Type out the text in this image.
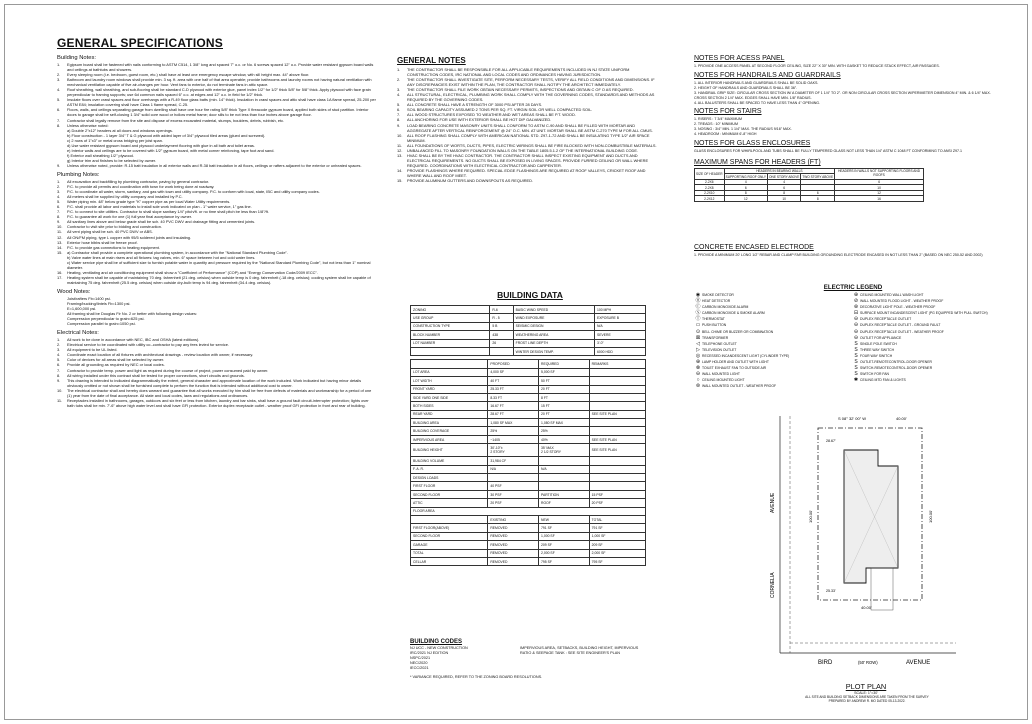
GENERAL SPECIFICATIONS
Building Notes:
1.	Egipsum board shall be fastened with nails conforming to ASTM C514, 1 3/8" long and spaced 7" o.c. or No. 6 screws spaced 12" o.c. Provide water resistant gypsum board walls and ceilings at bathtubs and showers.
2.	Every sleeping room (i.e. bedroom, guest room, etc.) shall have at least one emergency escape window, with sill height max. 44" above floor.
3.	Bathroom and laundry room windows shall provide min. 3 sq. ft. area with one half of that area operable; provide bathrooms and laundry rooms not having natural ventilation with mechanical ventilation capable of five air-changes per hour. Vent fans to exterior, do not terminate fans in attic space.
4.	Roof sheathing, wall sheathing, and sub-flooring shall be standard C-D plywood with exterior glue, panel index 1/2" for 1/2" thick 5/8" for 5/8" thick. Apply plywood with face grain perpendicular to framing supports; use 6d common nails spaced 6" o.c. at edges and 12" o.c. in field for 1/2" thick.
5.	Insulate floors over crawl spaces and floor overhangs with a R-49 floor glass batts (min. 14" thick). Insulation in crawl spaces and attic shall have class 1A flame spread, 25-200 per ASTM E84; insulation covering shall have Class 1 flame spread, C-25.
6.	Floors, walls, and ceilings separating garage from dwelling shall have one hour fire rating 5/8" thick Type X fireacode gypsum board, applied both sides of stud partition. Interior doors to garage shall be self-closing 1 3/4" solid core wood or hollow metal frame; door sills to be not less than four inches above garage floor.
7.	Contractor shall legally remove from the site and dispose of excess excavated material, stumps, boulders, debris, rubbish, etc.
8.	Unless otherwise noted:
a) Double 2"x12" headers at all doors and windows openings.
b) Floor construction - 1 layer 3/4" T & G plywood with added layer of 3/4" plywood tiled areas (glued and screwed).
c) 2 rows of 1"x3" or metal cross bridging per joist span.
d) Use water resistant gypsum board and plywood underlayment flooring with glue in all bath and toilet areas.
e) Interior walls and ceilings are to be covered with 1/2" gypsum board, with metal corner reinforcing, tape foot and sand.
f) Exterior wall sheathing 1/2" plywood.
g) Interior trim and finishes to be selected by owner.
9.	Unless otherwise noted, provide: R-15 batt insulation in all exterior walls and R-38 batt insulation in all floors, ceilings or rafters adjacent to the exterior or unheated spaces.
Plumbing Notes:
1.	All excavation and backfilling by plumbing contractor, paving by general contractor.
2.	P.C. to provide all permits and coordination with town for work being done at roadway.
3.	P.C. to coordinate all water, storm, sanitary, and gas with town and utility company. P.C. to conform with local, state, IBC and utility company codes.
4.	All meters shall be supplied by utility company and installed by P.C.
5.	Water piping min. 48" below grade type "K" copper pipe as per local Water Utility requirements.
6.	P.C. shall provide all labor and materials to install sole work indicated on plan - 1" water service, 1" gas line.
7.	P.C. to connect to site utilities. Contractor to shall slope sanitary 1/4" pitch/ft. or no time shall pitch be less than 1/8"/ft.
8.	P.C. to guarantee all work for one (1) full year final acceptance by owner.
9.	All sanitary lines above and below grade shall be sch. 40 PVC DWV and drainage fitting and cemented joints.
10.	Contractor to visit site prior to bidding and construction.
11.	All vent piping shall be sch. 40 PVC DWV or ABS.
12.	All ON/FM piping, type L copper with 95/5 soldered joints and insulating.
13.	Exterior hose bibbs shall be freeze proof.
14.	P.C. to provide gas connections to heating equipment.
15.	a) Contractor shall provide a complete operational plumbing system, in accordance with the "National Standard Plumbing Code".
b) Valve water lines at main risers and all fixtures: tag valves, min. 6" space between hot and cold water lines.
c) Water service pipe shall be of sufficient size to furnish potable water in quantity and pressure required by the "National Standard Plumbing Code", but not less than 1" nominal diameter.
16.	Heating, ventilating and air conditioning equipment shall show a "Coefficient of Performance" (COP) and "Energy Conservation Code/2009 IECC".
17.	Heating system shall be capable of maintaining 70 deg. fahrenheit (21 deg. celsius) when outside temp is 0 deg. fahrenheit (-18 deg. celsius); cooling system shall be capable of maintaining 75 deg. fahrenheit (25.5 deg. celsius) when outside dry-bulb temp is 94 deg. fahrenheit (34.4 deg. celsius).
Wood Notes:
Joist/rafters Fb=1400 psi.
Framing/bucking/lintels Fb=1300 psi.
E=1,600,000 psi.
All framing shall be Douglas Fir No. 2 or better with following design values:
Compression perpendicular to grain=625 psi.
Compression parallel to grain=1050 psi.
Electrical Notes:
1.	All work to be done in accordance with NEC, IBC and OSHA (latest editions).
2.	Electrical service to be coordinated with utility co.-contractor to pay any fees levied for service.
3.	All equipment to be UL listed.
4.	Coordinate exact location of all fixtures with architectural drawings - review location with owner, if necessary.
5.	Color of devices for all areas shall be selected by owner.
6.	Provide all grounding as required by NEC or local codes.
7.	Contractor to provide temp. power and light as required during the course of project, power consumed paid by owner.
8.	All wiring installed under this contract shall be tested for proper connections, short circuits and grounds.
9.	This drawing is intended to indicated diagrammatically the extent, general character and approximate location of the work included. Work indicated but having minor details obviously omitted or not shown shall be furnished complete to perform the function that is intended without additional cost to owner.
10.	The electrical contractor shall and hereby does warrant and guarantee that all works executed by him shall be free from defects of materials and workmanship for a period of one (1) year from the date of final acceptance. All state and local codes, laws and regulations and ordinances.
11.	Receptacles installed in bathrooms, garages, outdoors and six feet or less from kitchen, laundry and bar sinks, shall have a ground fault circuit-interrupter protection; lights over bath tubs shall be min. 7'-6" above high water level and shall have GFI protection. Exterior duplex receptacle outlet - weather proof GFI protection in front and rear of building.
GENERAL NOTES
1.	THE CONTRACTOR SHALL BE RESPONSIBLE FOR ALL APPLICABLE REQUIREMENTS INCLUDED IN NJ STATE UNIFORM CONSTRUCTION CODES, IRC NATIONAL AND LOCAL CODES AND ORDINANCES HAVING JURISDICTION.
2.	THE CONTRACTOR SHALL INVESTIGATE SITE, PERFORM NECESSARY TESTS, VERIFY ALL FIELD CONDITIONS AND DIMENSIONS. IF ANY DISCREPANCIES EXIST WITHIN THE PLAN, THE CONTRACTOR SHALL NOTIFY THE ARCHITECT IMMEDIATELY.
3.	THE CONTRACTOR SHALL FILE WORK OBTAIN NECESSARY PERMITS, INSPECTIONS AND OBTAIN C OF O AS REQUIRED.
4.	ALL STRUCTURAL, ELECTRICAL, PLUMBING WORK SHALL COMPLY WITH THE GOVERNING CODES, STANDARDS AND METHODS AS REQUIRED BY THE GOVERNING CODES.
5.	ALL CONCRETE SHALL HAVE A STRENGTH OF 3000 PSI AFTER 28 DAYS.
6.	SOIL BEARING CAPACITY ASSUMED 2 TONS PER SQ. FT. VIRGIN SOIL OR WELL COMPACTED SOIL.
7.	ALL WOOD STRUCTURES EXPOSED TO WEATHER AND WET AREAS SHALL BE P.T. WOOD.
8.	ALL ANCHORING FOR USE WITH EXTERIOR SHALL BE HOT DIP GALVANIZED.
9.	LOAD BEARING CONCRETE MASONRY UNITS SHALL CONFORM TO ASTM C-90 AND SHALL BE FILLED WITH MORTAR AND AGGREGATE AFTER VERTICAL REINFORCEMENT @ 24" O.C. MIN. AT UNIT. MORTAR SHALL BE ASTM C-270 TYPE M FOR ALL CMUS.
10.	ALL ROOF FLASHING SHALL COMPLY WITH AMERICAN NATIONAL STD. Z97-1-72 AND SHALL BE INSULATING TYPE 1/2" AIR SPACE MINIMUM.
11.	ALL FOUNDATIONS OF WORTS, DUCTS, PIPES, ELECTRIC WIRINGS SHALL BE FIRE BLOCKED WITH NON-COMBUSTIBLE MATERIALS.
12.	UNBALANCED FILL TO MASONRY FOUNDATION WALLS ON THE TABLE 1805.5.1.2 OF THE INTERNATIONAL BUILDING CODE.
13.	HVAC SHALL BE BY THE HVAC CONTRACTOR. THE CONTRACTOR SHALL INSPECT EXISTING EQUIPMENT AND DUCTS AND ELECTRICAL REQUIREMENTS. NO DUCTS SHALL BE EXPOSED IN LIVING SPACES. PROVIDE FURRED CEILING OR WALL WHERE REQUIRED. COORDINATIONS WITH ELECTRICAL CONTRACTOR AND CARPENTER.
14.	PROVIDE FLASHINGS WHERE REQUIRED. SPECIAL EDGE FLASHINGS ARE REQUIRED AT ROOF VALLEYS, CRICKET ROOF AND WHERE WALL AND ROOF MEET.
15.	PROVIDE ALUMINUM GUTTERS AND DOWNSPOUTS AS REQUIRED.
BUILDING DATA
ZONING	R-6	BASIC WIND SPEED	100 MPH
USE GROUP	R - 5	WIND EXPOSURE	EXPOSURE B
CONSTRUCTION TYPE	5 B	SEISMIC DESIGN	N/A
BLOCK NUMBER	438	WEATHERING AREA	SEVERE
LOT NUMBER	26	FROST LINE DEPTH	3'-0"
		WINTER DESIGN TEMP.	6000 HDD
	PROPOSED	REQUIRED	REMARKS
LOT AREA	4,000 SF	5,000 SF	
LOT WIDTH	40 FT	50 FT	
FRONT YARD	25.33 FT	20 FT	
SIDE YARD ONE SIDE	8.33 FT	8 FT	
BOTH SIDES	16.67 FT	15 FT	
REAR YARD	28.67 FT	20 FT	SEE SITE PLAN
BUILDING AREA	1,080 SF MAX	1,080 SF MAX	
BUILDING COVERAGE	25%	25%	
IMPERVIOUS AREA	~1405	40%	SEE SITE PLAN
BUILDING HEIGHT	30'-10"±
2 STORY	35' MAX
2 1/2 STORY	SEE SITE PLAN
BUILDING VOLUME	31,984 CF		
F. A. R.	N/A	N/A	
DESIGN LOADS			
FIRST FLOOR	40 PSF		
SECOND FLOOR	30 PSF	PARTITION	15 PSF
ATTIC	20 PSF	ROOF	20 PSF
FLOOR AREA			
	EXISTING	NEW	TOTAL
FIRST FLOOR(ABOVE)	REMOVED	791 SF	791 SF
SECOND FLOOR	REMOVED	1,000 SF	1,000 SF
GARAGE	REMOVED	209 SF	209 SF
TOTAL	REMOVED	2,000 SF	2,000 SF
CELLAR	REMOVED	795 SF	795 SF
BUILDING CODES
NJ UCC - NEW CONSTRUCTION
IRC/2021 NJ EDITION
NSPC/2021
NEC/2020
IECC/2021
IMPERVIOUS AREA, SETBACKS, BUILDING HEIGHT, IMPERVIOUS RATIO & SEEPAGE TANK : SEE SITE ENGINEER'S PLAN
* VARIANCE REQUIRED, REFER TO THE ZONING BOARD RESOLUTIONS.
NOTES FOR ACESS PANEL
1. PROVIDE ONE ACCESS PANEL AT SECOND FLOOR CEILING, SIZE 22" X 30" MIN. WITH GASKET TO REDUCE STACK EFFECT, AIR PASSAGES.
NOTES FOR HANDRAILS AND GUARDRAILS
1. ALL INTERIOR HANDRAILS AND GUARDRAILS SHALL BE SOLID OAKS.
2. HEIGHT OF HANDRAILS AND GUARDRAILS SHALL BE 36".
3. HANDRAIL GRIP SIZE: CIRCULAR CROSS SECTION W/ A DIAMETER OF 1 1/4" TO 2". OR NON CIRCULAR CROSS SECTION W/PERIMETER DIMENSION 4" MIN. & 6 1/4" MAX. CROSS SECTION 2 1/4" MAX. EDGES SHALL HAVE MIN. 1/8" RADIUS.
4. ALL BALUSTERS SHALL BE SPACED TO HAVE LESS THAN 4" OPENING.
NOTES FOR STAIRS
1. RISERS : 7 3/4" MAXIMUM
2. TREADS : 10" MINIMUM
3. NOSING : 3/4" MIN. 1 1/4" MAX. THE RADIUS 9/16" MAX.
4. HEADROOM : MINIMUM 6'-8" HIGH
NOTES FOR GLASS ENCLOSURES
GLASS ENCLOSURES FOR WHIRLPOOL AND TUBS SHALL BE FULLY TEMPERED GLASS NOT LESS THAN 1/4" ASTM C 1048 FT CONFORMING TO ANSI Z97.1
MAXIMUM SPANS FOR HEADERS (FT)
SIZE OF HEADER	HEADERS IN BEARING WALLS			HEADERS IN WALLS NOT SUPPORTING FLOORS AND ROOFS
	SUPPORTING ROOF ONLY	ONE STORY ABOVE	TWO STORY ABOVE	
2-2X6	4	4		6
2-2X8	6	6		10
2-2X10	8	8	6	12
2-2X12	12	10	8	16
CONCRETE ENCASED ELECTRODE
1. PROVIDE A MINIMUM 20' LONG 1/2" REBAR AND CLAMP FAR BUILDING GROUNDING ELECTRODE ENCASED IN NOT LESS THAN 2" (BASED ON NEC 250-52 AND 2002)
ELECTRIC LEGEND
◉ SMOKE DETECTOR
Ⓗ HEAT DETECTOR
Ⓒ CARBON MONOXIDE ALARM
Ⓢ CARBON MONOXIDE & SMOKE ALARM
Ⓣ THERMOSTAT
▭ PUSH BUTTON
⊙ BELL CHIME OR BUZZER OR COMBINATION
⊠ TRANSFORMER
◁ TELEPHONE OUTLET
▷ TELEVISION OUTLET
◎ RECESSED INCANDESCENT LIGHT (CYLINDER TYPE)
⊕ LAMP HOLDER AND OUTLET WITH LIGHT
⊗ TOILET EXHAUST FAN TO OUTSIDE AIR
⊖ WALL MOUNTED LIGHT
○ CEILING MOUNTED LIGHT
⊜ WALL MOUNTED OUTLET - WEATHER PROOF
⊕ CEILING MOUNTED WALL WASH LIGHT
⊘ WALL MOUNTED FLOOD LIGHT - WEATHER PROOF
⊛ DECORATIVE LIGHT POLE - WEATHER PROOF
⊟ SURFACE MOUNT INCANDESCENT LIGHT (PG EQUIPPED WITH PULL SWITCH)
⊖ DUPLEX RECEPTACLE OUTLET
⊖ DUPLEX RECEPTACLE OUTLET - GROUND FAULT
⊖ DUPLEX RECEPTACLE OUTLET - WEATHER PROOF
⊖ OUTLET FOR APPLIANCE
S SINGLE POLE SWITCH
S THREE WAY SWITCH
S FOUR WAY SWITCH
S OUTLET-REMOTECONTROL-DOOR OPENER
S SWITCH-REMOTECONTROL-DOOR OPENER
S SWITCH FOR FAN
✱ CEILING MTD FAN & LIGHTS
CORNELIA
AVENUE
S 08° 32' 00" W	40.00'
100.00'	100.00'
40.00'
25.33'
28.67'
BIRD	(50' ROW)	AVENUE
PLOT PLAN
SCALE: 1"=30'
ALL SITE AND BUILDING SETBACK DIMENSIONS ARE TAKEN FROM THE SURVEY PREPARED BY ANDREW R. MO DATED 05-13-2022.
